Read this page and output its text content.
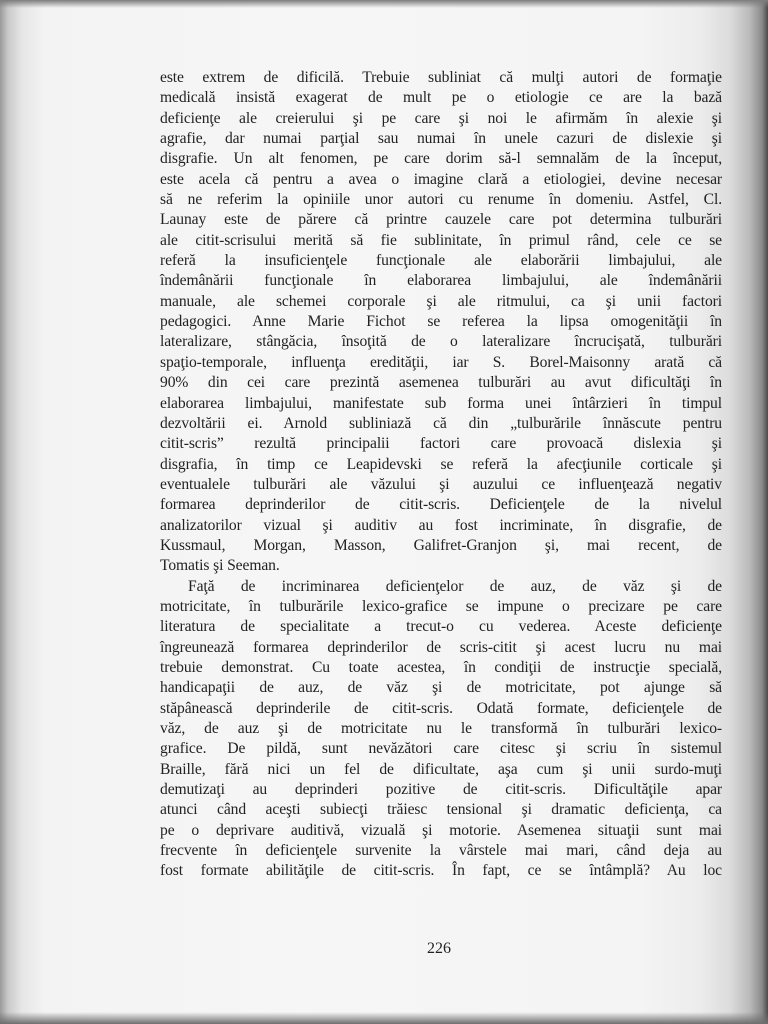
este extrem de dificilă. Trebuie subliniat că mulţi autori de formaţie
medicală insistă exagerat de mult pe o etiologie ce are la bază
deficienţe ale creierului şi pe care şi noi le afirmăm în alexie şi
agrafie, dar numai parţial sau numai în unele cazuri de dislexie şi
disgrafie. Un alt fenomen, pe care dorim să-l semnalăm de la început,
este acela că pentru a avea o imagine clară a etiologiei, devine necesar
să ne referim la opiniile unor autori cu renume în domeniu. Astfel, Cl.
Launay este de părere că printre cauzele care pot determina tulburări
ale citit-scrisului merită să fie sublinitate, în primul rând, cele ce se
referă la insuficienţele funcţionale ale elaborării limbajului, ale
îndemânării funcţionale în elaborarea limbajului, ale îndemânării
manuale, ale schemei corporale şi ale ritmului, ca şi unii factori
pedagogici. Anne Marie Fichot se referea la lipsa omogenităţii în
lateralizare, stângăcia, însoţită de o lateralizare încrucişată, tulburări
spaţio-temporale, influenţa eredităţii, iar S. Borel-Maisonny arată că
90% din cei care prezintă asemenea tulburări au avut dificultăţi în
elaborarea limbajului, manifestate sub forma unei întârzieri în timpul
dezvoltării ei. Arnold subliniază că din „tulburările înnăscute pentru
citit-scris” rezultă principalii factori care provoacă dislexia şi
disgrafia, în timp ce Leapidevski se referă la afecţiunile corticale şi
eventualele tulburări ale văzului şi auzului ce influenţează negativ
formarea deprinderilor de citit-scris. Deficienţele de la nivelul
analizatorilor vizual şi auditiv au fost incriminate, în disgrafie, de
Kussmaul, Morgan, Masson, Galifret-Granjon şi, mai recent, de
Tomatis şi Seeman.
Faţă de incriminarea deficienţelor de auz, de văz şi de
motricitate, în tulburările lexico-grafice se impune o precizare pe care
literatura de specialitate a trecut-o cu vederea. Aceste deficienţe
îngreunează formarea deprinderilor de scris-citit şi acest lucru nu mai
trebuie demonstrat. Cu toate acestea, în condiţii de instrucţie specială,
handicapaţii de auz, de văz şi de motricitate, pot ajunge să
stăpânească deprinderile de citit-scris. Odată formate, deficienţele de
văz, de auz şi de motricitate nu le transformă în tulburări lexico-
grafice. De pildă, sunt nevăzători care citesc şi scriu în sistemul
Braille, fără nici un fel de dificultate, aşa cum şi unii surdo-muţi
demutizaţi au deprinderi pozitive de citit-scris. Dificultăţile apar
atunci când aceşti subiecţi trăiesc tensional şi dramatic deficienţa, ca
pe o deprivare auditivă, vizuală şi motorie. Asemenea situaţii sunt mai
frecvente în deficienţele survenite la vârstele mai mari, când deja au
fost formate abilităţile de citit-scris. În fapt, ce se întâmplă? Au loc
226
